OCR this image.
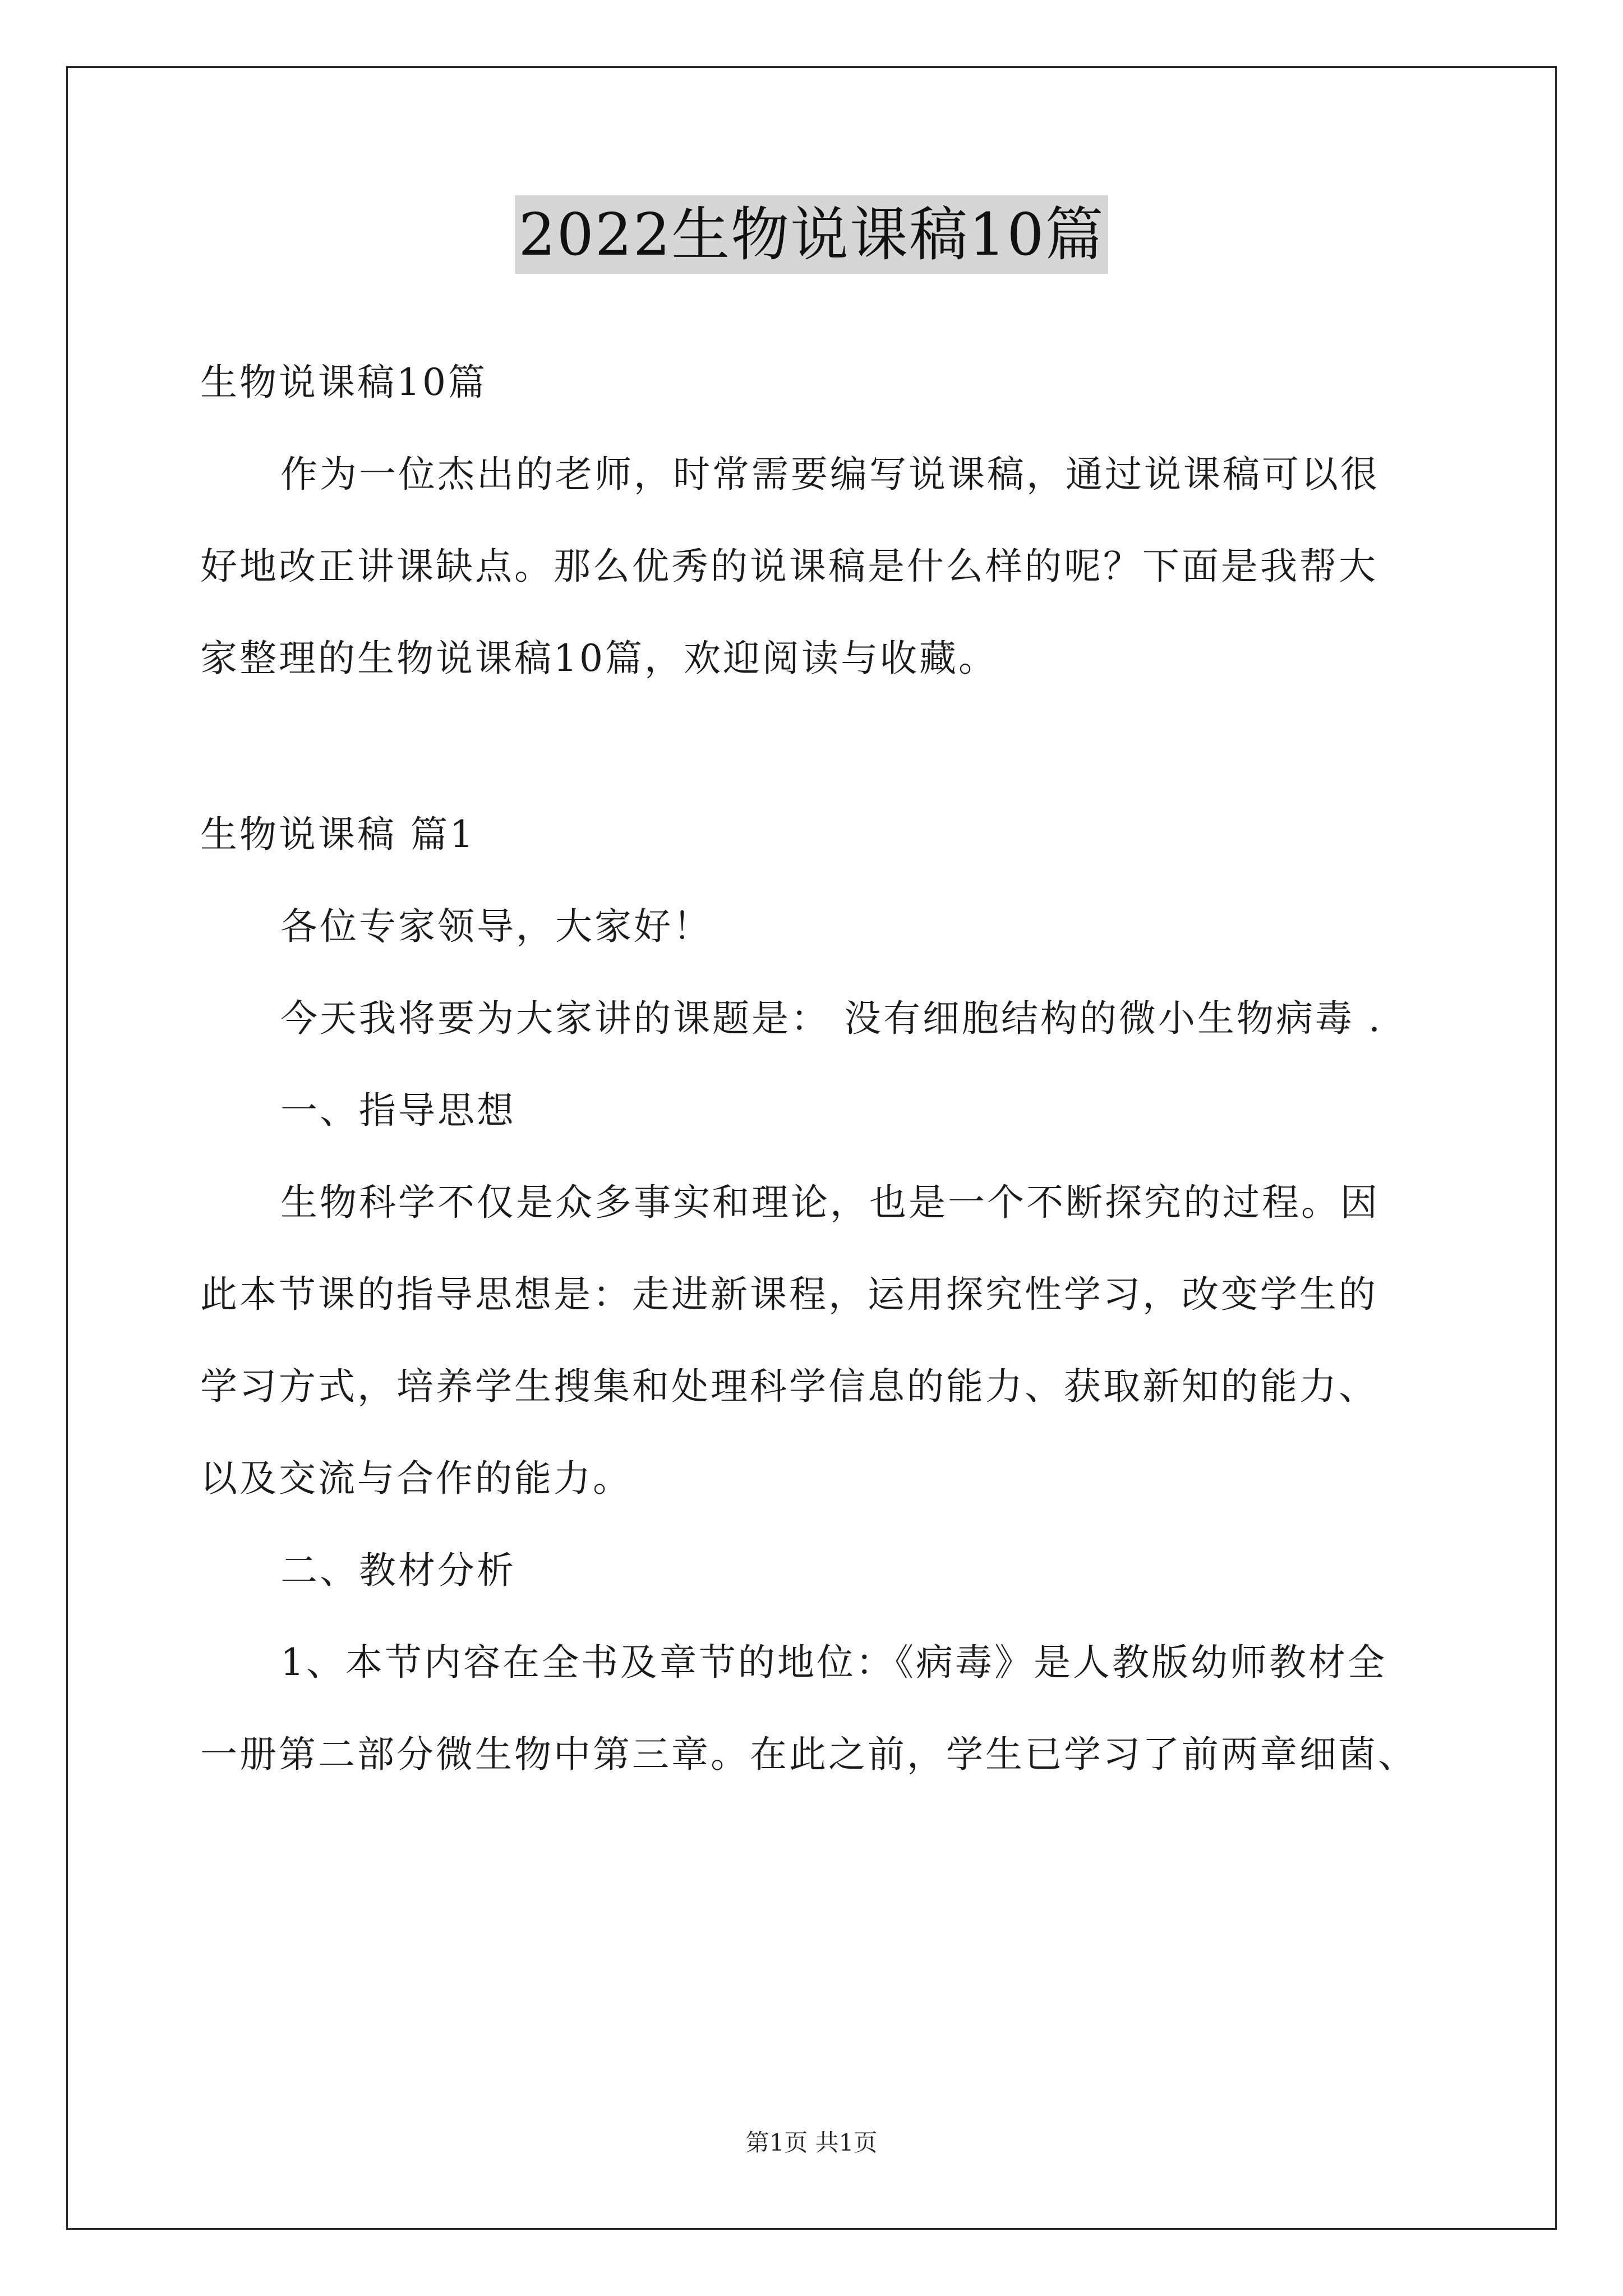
2022生物说课稿10篇
生物说课稿10篇
作为一位杰出的老师，时常需要编写说课稿，通过说课稿可以很
好地改正讲课缺点。那么优秀的说课稿是什么样的呢？下面是我帮大
家整理的生物说课稿10篇，欢迎阅读与收藏。
生物说课稿 篇1
各位专家领导，大家好！
今天我将要为大家讲的课题是： 没有细胞结构的微小生物病毒 .
一、指导思想
生物科学不仅是众多事实和理论，也是一个不断探究的过程。因
此本节课的指导思想是：走进新课程，运用探究性学习，改变学生的
学习方式，培养学生搜集和处理科学信息的能力、获取新知的能力、
以及交流与合作的能力。
二、教材分析
1、本节内容在全书及章节的地位：《病毒》是人教版幼师教材全
一册第二部分微生物中第三章。在此之前，学生已学习了前两章细菌、
第1页 共1页
